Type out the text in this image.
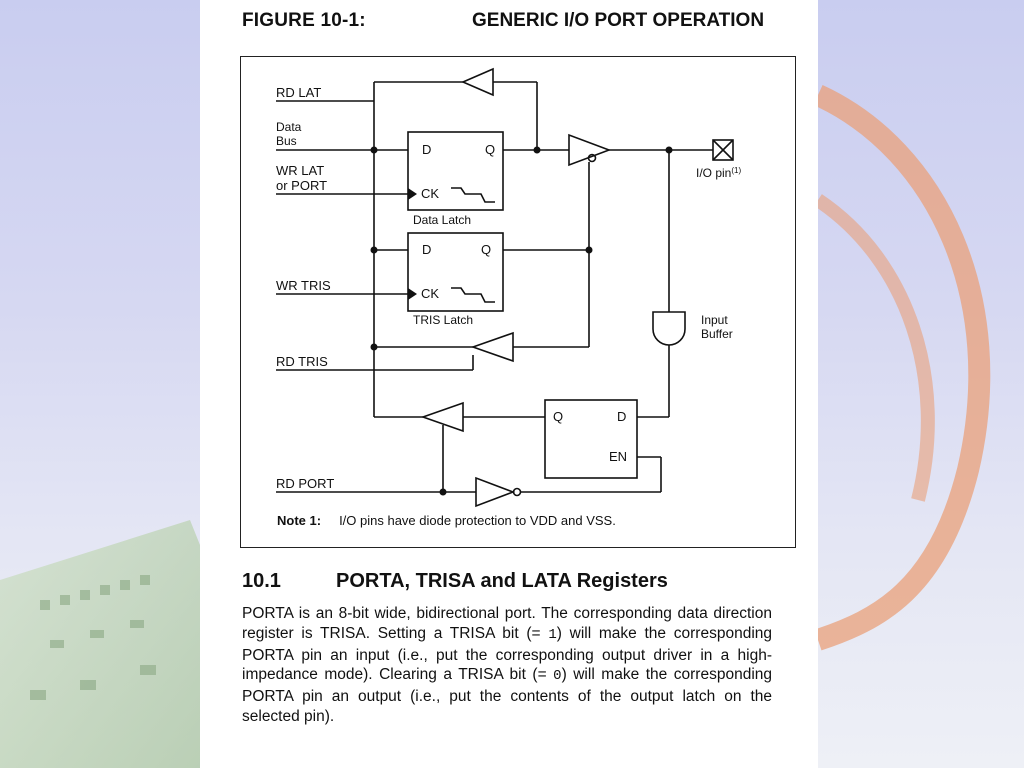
FIGURE 10-1:	GENERIC I/O PORT OPERATION
RD LAT
Data
Bus
WR LAT
or PORT
WR TRIS
RD TRIS
RD PORT
D	Q
CK
Data Latch
D	Q
CK
TRIS Latch
I/O pin$^{(1)}$
Input
Buffer
Q	D
EN
Note 1: I/O pins have diode protection to VDD and VSS.
10.1	PORTA, TRISA and LATA Registers
PORTA is an 8-bit wide, bidirectional port. The corresponding data direction register is TRISA. Setting a TRISA bit (= 1) will make the corresponding PORTA pin an input (i.e., put the corresponding output driver in a high-impedance mode). Clearing a TRISA bit (= 0) will make the corresponding PORTA pin an output (i.e., put the contents of the output latch on the selected pin).
